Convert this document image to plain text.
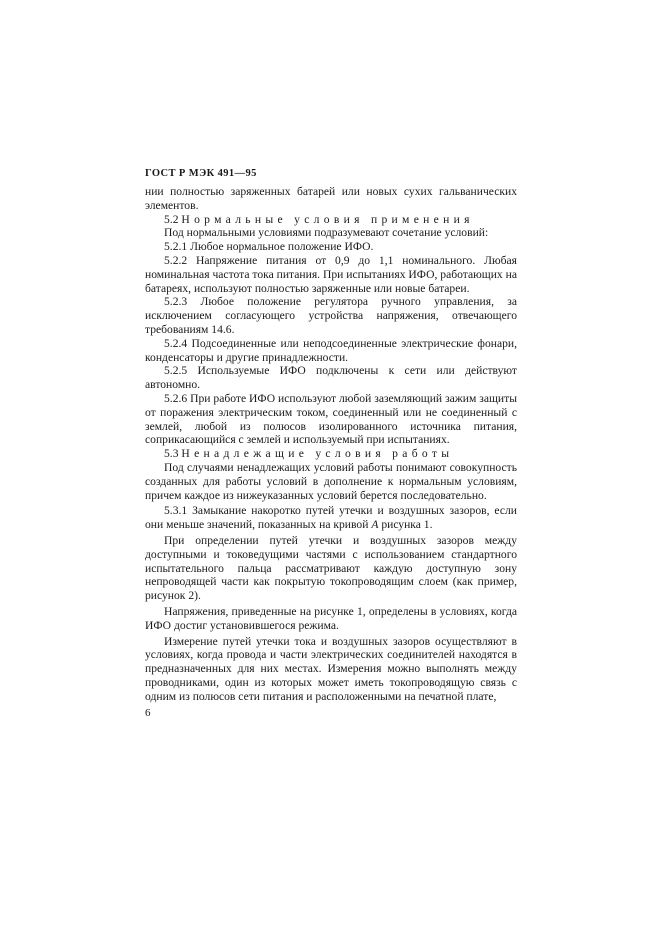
ГОСТ Р МЭК 491—95

нии полностью заряженных батарей или новых сухих гальванических элементов.

5.2 Нормальные условия применения

Под нормальными условиями подразумевают сочетание условий:

5.2.1 Любое нормальное положение ИФО.

5.2.2 Напряжение питания от 0,9 до 1,1 номинального. Любая номинальная частота тока питания. При испытаниях ИФО, работающих на батареях, используют полностью заряженные или новые батареи.

5.2.3 Любое положение регулятора ручного управления, за исключением согласующего устройства напряжения, отвечающего требованиям 14.6.

5.2.4 Подсоединенные или неподсоединенные электрические фонари, конденсаторы и другие принадлежности.

5.2.5 Используемые ИФО подключены к сети или действуют автономно.

5.2.6 При работе ИФО используют любой заземляющий зажим защиты от поражения электрическим током, соединенный или не соединенный с землей, любой из полюсов изолированного источника питания, соприкасающийся с землей и используемый при испытаниях.

5.3 Ненадлежащие условия работы

Под случаями ненадлежащих условий работы понимают совокупность созданных для работы условий в дополнение к нормальным условиям, причем каждое из нижеуказанных условий берется последовательно.

5.3.1 Замыкание накоротко путей утечки и воздушных зазоров, если они меньше значений, показанных на кривой А рисунка 1.

При определении путей утечки и воздушных зазоров между доступными и токоведущими частями с использованием стандартного испытательного пальца рассматривают каждую доступную зону непроводящей части как покрытую токопроводящим слоем (как пример, рисунок 2).

Напряжения, приведенные на рисунке 1, определены в условиях, когда ИФО достиг установившегося режима.

Измерение путей утечки тока и воздушных зазоров осуществляют в условиях, когда провода и части электрических соединителей находятся в предназначенных для них местах. Измерения можно выполнять между проводниками, один из которых может иметь токопроводящую связь с одним из полюсов сети питания и расположенными на печатной плате,

6
